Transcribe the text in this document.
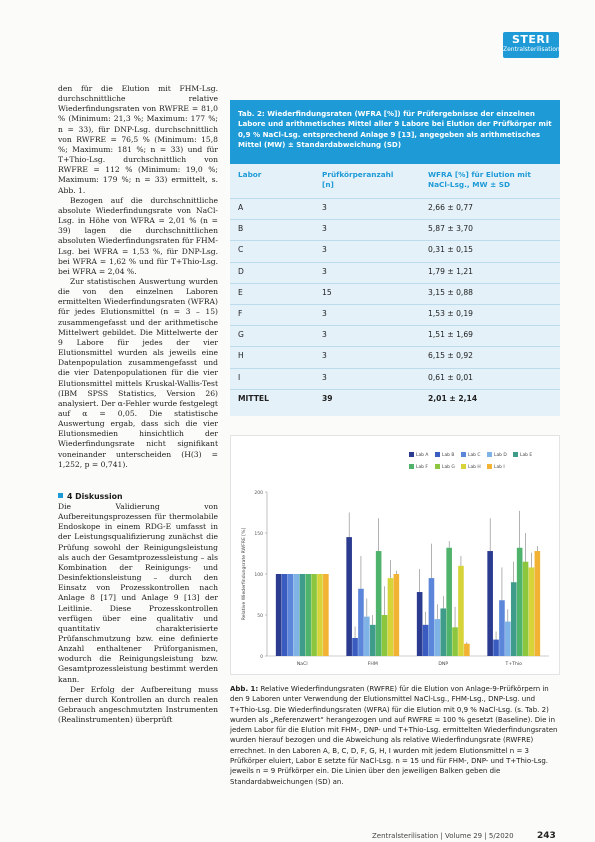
STERI
Zentralsterilisation

den für die Elution mit FHM-Lsg. durchschnittliche relative Wiederfindungsraten von RWFRE = 81,0 % (Minimum: 21,3 %; Maximum: 177 %; n = 33), für DNP-Lsg. durchschnittlich von RWFRE = 76,5 % (Minimum: 15,8 %; Maximum: 181 %; n = 33) und für T+Thio-Lsg. durchschnittlich von RWFRE = 112 % (Minimum: 19,0 %; Maximum: 179 %; n = 33) ermittelt, s. Abb. 1.

Bezogen auf die durchschnittliche absolute Wiederfindungsrate von NaCl-Lsg. in Höhe von WFRA = 2,01 % (n = 39) lagen die durchschnittlichen absoluten Wiederfindungsraten für FHM-Lsg. bei WFRA = 1,53 %, für DNP-Lsg. bei WFRA = 1,62 % und für T+Thio-Lsg. bei WFRA = 2,04 %.

Zur statistischen Auswertung wurden die von den einzelnen Laboren ermittelten Wiederfindungsraten (WFRA) für jedes Elutionsmittel (n = 3 – 15) zusammengefasst und der arithmetische Mittelwert gebildet. Die Mittelwerte der 9 Labore für jedes der vier Elutionsmittel wurden als jeweils eine Datenpopulation zusammengefasst und die vier Datenpopulationen für die vier Elutionsmittel mittels Kruskal-Wallis-Test (IBM SPSS Statistics, Version 26) analysiert. Der α-Fehler wurde festgelegt auf α = 0,05. Die statistische Auswertung ergab, dass sich die vier Elutionsmedien hinsichtlich der Wiederfindungsrate nicht signifikant voneinander unterscheiden (H(3) = 1,252, p = 0,741).

4 Diskussion

Die Validierung von Aufbereitungsprozessen für thermolabile Endoskope in einem RDG-E umfasst in der Leistungsqualifizierung zunächst die Prüfung sowohl der Reinigungsleistung als auch der Gesamtprozessleistung – als Kombination der Reinigungs- und Desinfektionsleistung – durch den Einsatz von Prozesskontrollen nach Anlage 8 [17] und Anlage 9 [13] der Leitlinie. Diese Prozesskontrollen verfügen über eine qualitativ und quantitativ charakterisierte Prüfanschmutzung bzw. eine definierte Anzahl enthaltener Prüforganismen, wodurch die Reinigungsleistung bzw. Gesamtprozessleistung bestimmt werden kann.

Der Erfolg der Aufbereitung muss ferner durch Kontrollen an durch realen Gebrauch angeschmutzten Instrumenten (Realinstrumenten) überprüft

Tab. 2: Wiederfindungsraten (WFRA [%]) für Prüfergebnisse der einzelnen Labore und arithmetisches Mittel aller 9 Labore bei Elution der Prüfkörper mit 0,9 % NaCl-Lsg. entsprechend Anlage 9 [13], angegeben als arithmetisches Mittel (MW) ± Standardabweichung (SD)

Labor	Prüfkörperanzahl
[n]
WFRA [%] für Elution mit
NaCl-Lsg., MW ± SD
A	3	2,66 ± 0,77
B	3	5,87 ± 3,70
C	3	0,31 ± 0,15
D	3	1,79 ± 1,21
E	15	3,15 ± 0,88
F	3	1,53 ± 0,19
G	3	1,51 ± 1,69
H	3	6,15 ± 0,92
I	3	0,61 ± 0,01
MITTEL	39	2,01 ± 2,14
0
50
100
150
200
Relative Wiederfindungsrate RWFRE [%]
NaCl	FHM	DNP	T+Thio
Lab A	Lab B	Lab C	Lab D	Lab E
Lab F	Lab G	Lab H	Lab I

Abb. 1: Relative Wiederfindungsraten (RWFRE) für die Elution von Anlage-9-Prüfkörpern in den 9 Laboren unter Verwendung der Elutionsmittel NaCl-Lsg., FHM-Lsg., DNP-Lsg. und T+Thio-Lsg. Die Wiederfindungsraten (WFRA) für die Elution mit 0,9 % NaCl-Lsg. (s. Tab. 2) wurden als „Referenzwert“ herangezogen und auf RWFRE = 100 % gesetzt (Baseline). Die in jedem Labor für die Elution mit FHM-, DNP- und T+Thio-Lsg. ermittelten Wiederfindungsraten wurden hierauf bezogen und die Abweichung als relative Wiederfindungsrate (RWFRE) errechnet. In den Laboren A, B, C, D, F, G, H, I wurden mit jedem Elutionsmittel n = 3 Prüfkörper eluiert, Labor E setzte für NaCl-Lsg. n = 15 und für FHM-, DNP- und T+Thio-Lsg. jeweils n = 9 Prüfkörper ein. Die Linien über den jeweiligen Balken geben die Standardabweichungen (SD) an.

Zentralsterilisation | Volume 29 | 5/2020	243
